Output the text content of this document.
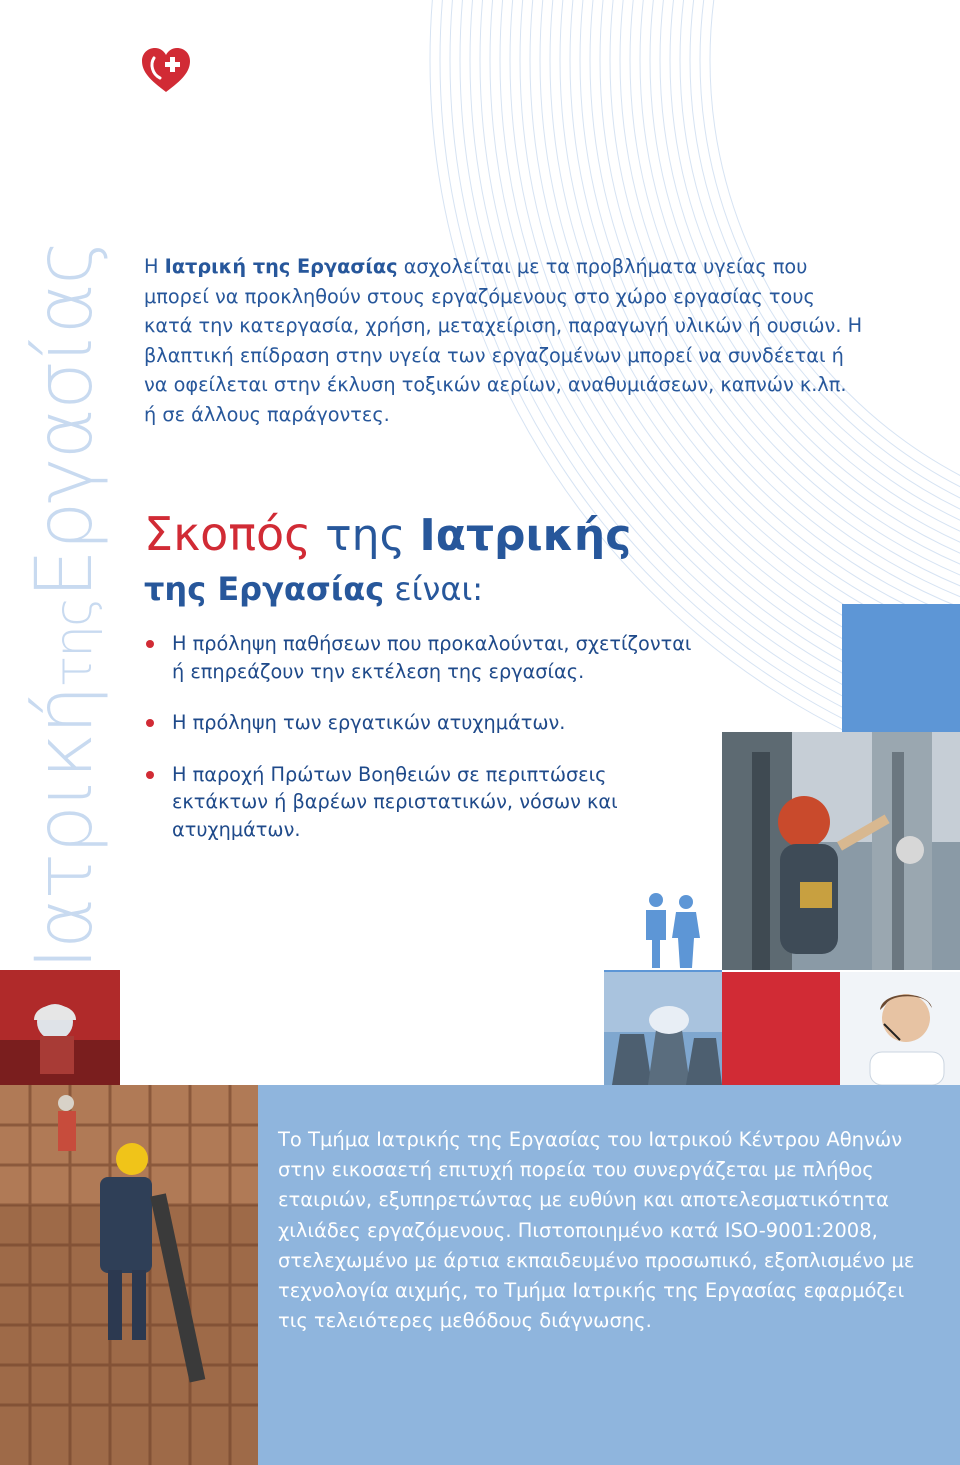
ΙατρικήτηςΕργασίας Η Ιατρική της Εργασίας ασχολείται με τα προβλήματα υγείας που μπορεί να προκληθούν στους εργαζόμενους στο χώρο εργασίας τους κατά την κατεργασία, χρήση, μεταχείριση, παραγωγή υλικών ή ουσιών. Η βλαπτική επίδραση στην υγεία των εργαζομένων μπορεί να συνδέεται ή να οφείλεται στην έκλυση τοξικών αερίων, αναθυμιάσεων, καπνών κ.λπ. ή σε άλλους παράγοντες.

Σκοπός της Ιατρικής
της Εργασίας είναι:
Η πρόληψη παθήσεων που προκαλούνται, σχετίζονται ή επηρεάζουν την εκτέλεση της εργασίας.
Η πρόληψη των εργατικών ατυχημάτων.
Η παροχή Πρώτων Βοηθειών σε περιπτώσεις εκτάκτων ή βαρέων περιστατικών, νόσων και ατυχημάτων.

Το Τμήμα Ιατρικής της Εργασίας του Ιατρικού Κέντρου Αθηνών στην εικοσαετή επιτυχή πορεία του συνεργάζεται με πλήθος εταιριών, εξυπηρετώντας με ευθύνη και αποτελεσματικότητα χιλιάδες εργαζόμενους. Πιστοποιημένο κατά ISO-9001:2008, στελεχωμένο με άρτια εκπαιδευμένο προσωπικό, εξοπλισμένο με τεχνολογία αιχμής, το Τμήμα Ιατρικής της Εργασίας εφαρμόζει τις τελειότερες μεθόδους διάγνωσης.
